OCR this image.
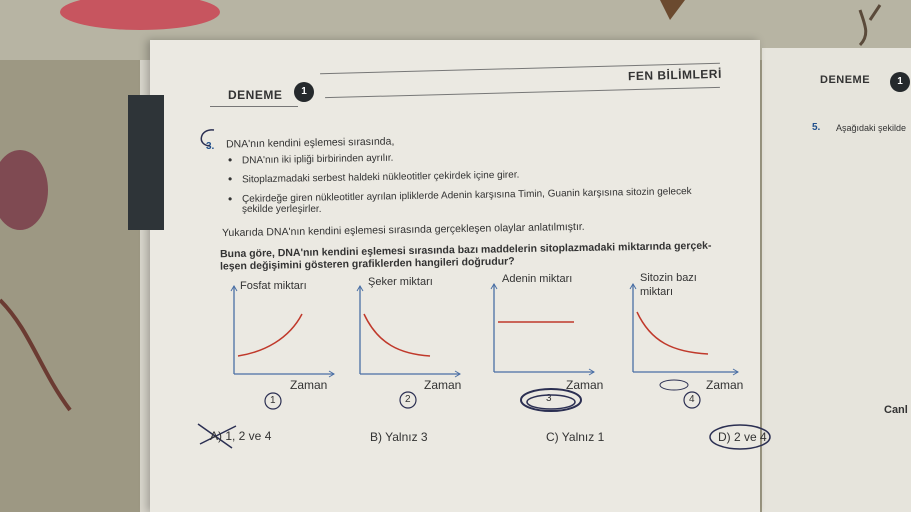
DENEME	1
FEN BİLİMLERİ	DENEME	1
5. Aşağıdaki şekilde
Canl
3. DNA'nın kendini eşlemesi sırasında,
• DNA'nın iki ipliği birbirinden ayrılır.
• Sitoplazmadaki serbest haldeki nükleotitler çekirdek içine girer.
• Çekirdeğe giren nükleotitler ayrılan ipliklerde Adenin karşısına Timin, Guanin karşısına sitozin gelecek
şekilde yerleşirler.
Yukarıda DNA'nın kendini eşlemesi sırasında gerçekleşen olaylar anlatılmıştır.
Buna göre, DNA'nın kendini eşlemesi sırasında bazı maddelerin sitoplazmadaki miktarında gerçek-
leşen değişimini gösteren grafiklerden hangileri doğrudur?
Fosfat miktarı	Şeker miktarı	Adenin miktarı	Sitozin bazı
miktarı
Zaman	Zaman	Zaman	Zaman
1	2	3	4
A) 1, 2 ve 4	B) Yalnız 3	C) Yalnız 1	D) 2 ve 4
